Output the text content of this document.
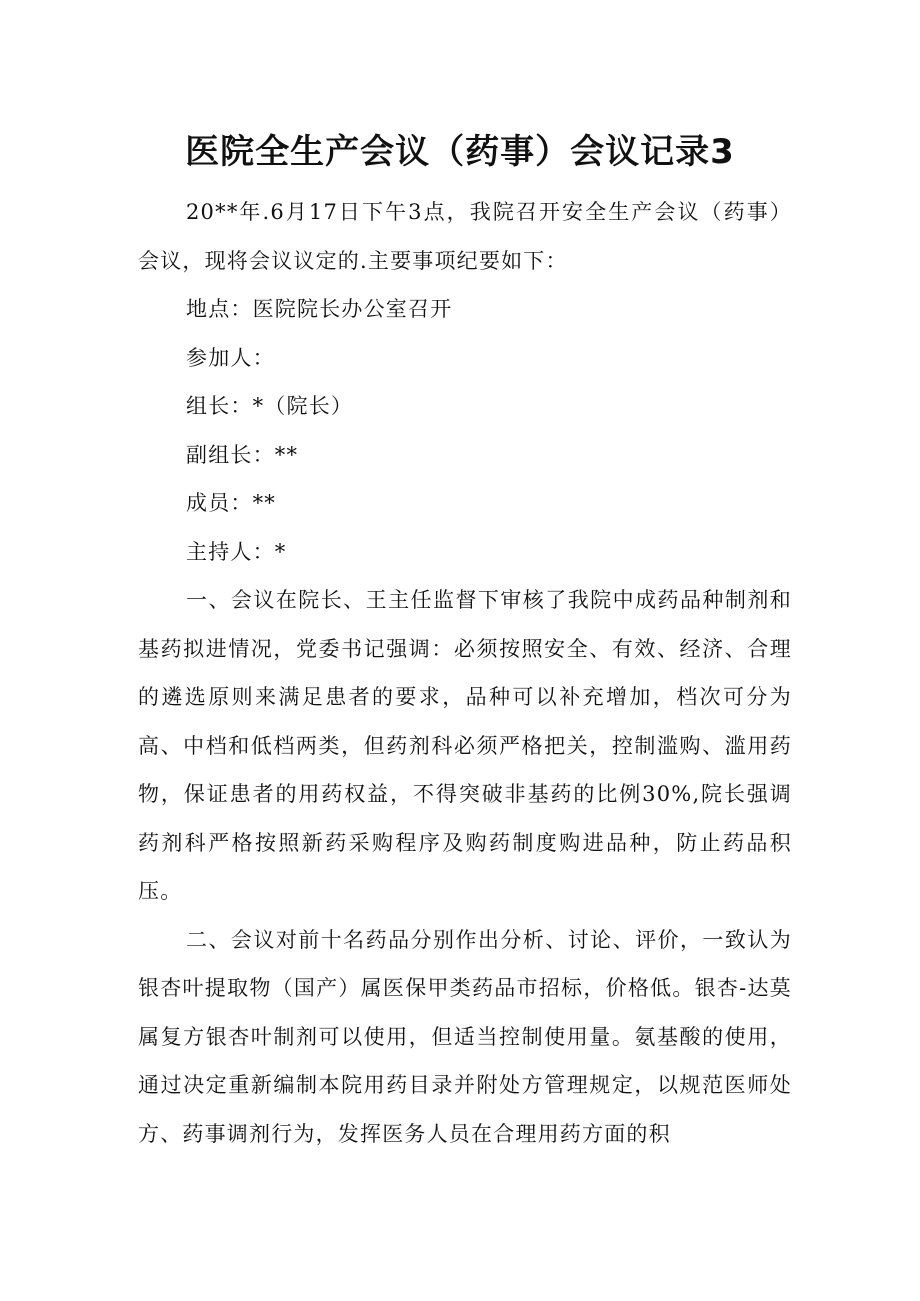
医院全生产会议（药事）会议记录3

20**年.6月17日下午3点，我院召开安全生产会议（药事）会议，现将会议议定的.主要事项纪要如下：

地点：医院院长办公室召开

参加人：

组长：*（院长）

副组长：**

成员：**

主持人：*

一、会议在院长、王主任监督下审核了我院中成药品种制剂和基药拟进情况，党委书记强调：必须按照安全、有效、经济、合理的遴选原则来满足患者的要求，品种可以补充增加，档次可分为高、中档和低档两类，但药剂科必须严格把关，控制滥购、滥用药物，保证患者的用药权益，不得突破非基药的比例30%,院长强调药剂科严格按照新药采购程序及购药制度购进品种，防止药品积压。

二、会议对前十名药品分别作出分析、讨论、评价，一致认为银杏叶提取物（国产）属医保甲类药品市招标，价格低。银杏-达莫属复方银杏叶制剂可以使用，但适当控制使用量。氨基酸的使用，通过决定重新编制本院用药目录并附处方管理规定，以规范医师处方、药事调剂行为，发挥医务人员在合理用药方面的积
